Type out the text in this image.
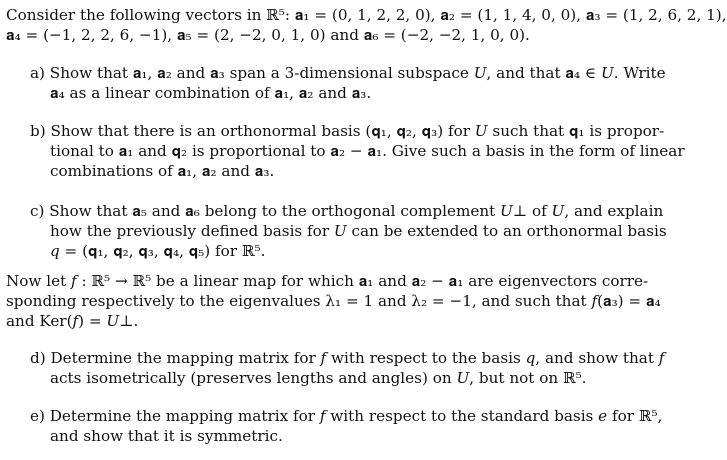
Consider the following vectors in ℝ⁵: 𝐚₁ = (0, 1, 2, 2, 0), 𝐚₂ = (1, 1, 4, 0, 0), 𝐚₃ = (1, 2, 6, 2, 1),
𝐚₄ = (−1, 2, 2, 6, −1), 𝐚₅ = (2, −2, 0, 1, 0) and 𝐚₆ = (−2, −2, 1, 0, 0).
a) Show that 𝐚₁, 𝐚₂ and 𝐚₃ span a 3-dimensional subspace 𝑈, and that 𝐚₄ ∈ 𝑈. Write
𝐚₄ as a linear combination of 𝐚₁, 𝐚₂ and 𝐚₃.
b) Show that there is an orthonormal basis (𝐪₁, 𝐪₂, 𝐪₃) for 𝑈 such that 𝐪₁ is propor-
tional to 𝐚₁ and 𝐪₂ is proportional to 𝐚₂ − 𝐚₁. Give such a basis in the form of linear
combinations of 𝐚₁, 𝐚₂ and 𝐚₃.
c) Show that 𝐚₅ and 𝐚₆ belong to the orthogonal complement 𝑈⊥ of 𝑈, and explain
how the previously defined basis for 𝑈 can be extended to an orthonormal basis
𝑞 = (𝐪₁, 𝐪₂, 𝐪₃, 𝐪₄, 𝐪₅) for ℝ⁵.
Now let 𝑓 : ℝ⁵ → ℝ⁵ be a linear map for which 𝐚₁ and 𝐚₂ − 𝐚₁ are eigenvectors corre-
sponding respectively to the eigenvalues λ₁ = 1 and λ₂ = −1, and such that 𝑓(𝐚₃) = 𝐚₄
and Ker(𝑓) = 𝑈⊥.
d) Determine the mapping matrix for 𝑓 with respect to the basis 𝑞, and show that 𝑓
acts isometrically (preserves lengths and angles) on 𝑈, but not on ℝ⁵.
e) Determine the mapping matrix for 𝑓 with respect to the standard basis 𝑒 for ℝ⁵,
and show that it is symmetric.
